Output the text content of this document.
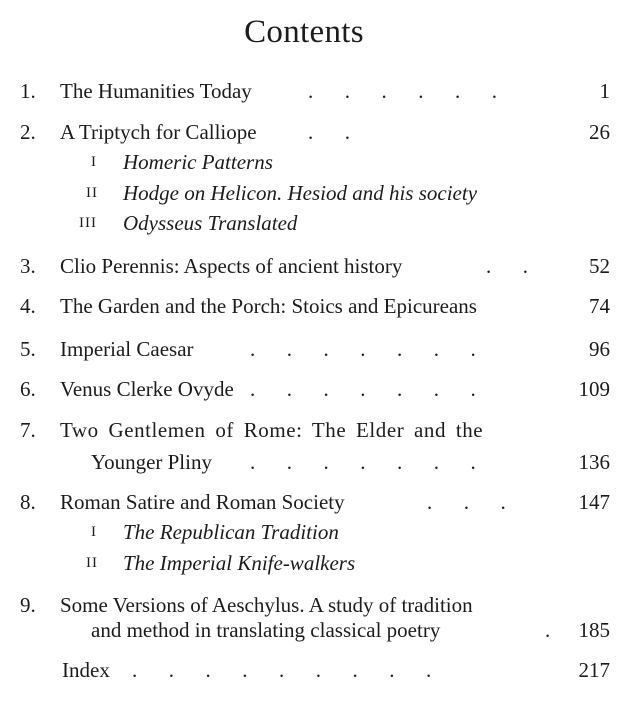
Contents
1.	The Humanities Today	.  .  .  .  .  .	1
2.	A Triptych for Calliope .  .	26
I Homeric Patterns
II Hodge on Helicon. Hesiod and his society
III Odysseus Translated
3.	Clio Perennis: Aspects of ancient history	.  .	52
4.	The Garden and the Porch: Stoics and Epicureans	74
5.	Imperial Caesar	.  .  .  .  .  .  .	96
6.	Venus Clerke Ovyde .  .  .  .  .  .  .	109
7.	Two Gentlemen of Rome: The Elder and the
Younger Pliny .  .  .  .  .  .  .	136
8.	Roman Satire and Roman Society	.  .  .	147
I The Republican Tradition
II The Imperial Knife-walkers
9.	Some Versions of Aeschylus. A study of tradition
and method in translating classical poetry	. 185
Index .  .  .  .  .  .  .  .  .	217
